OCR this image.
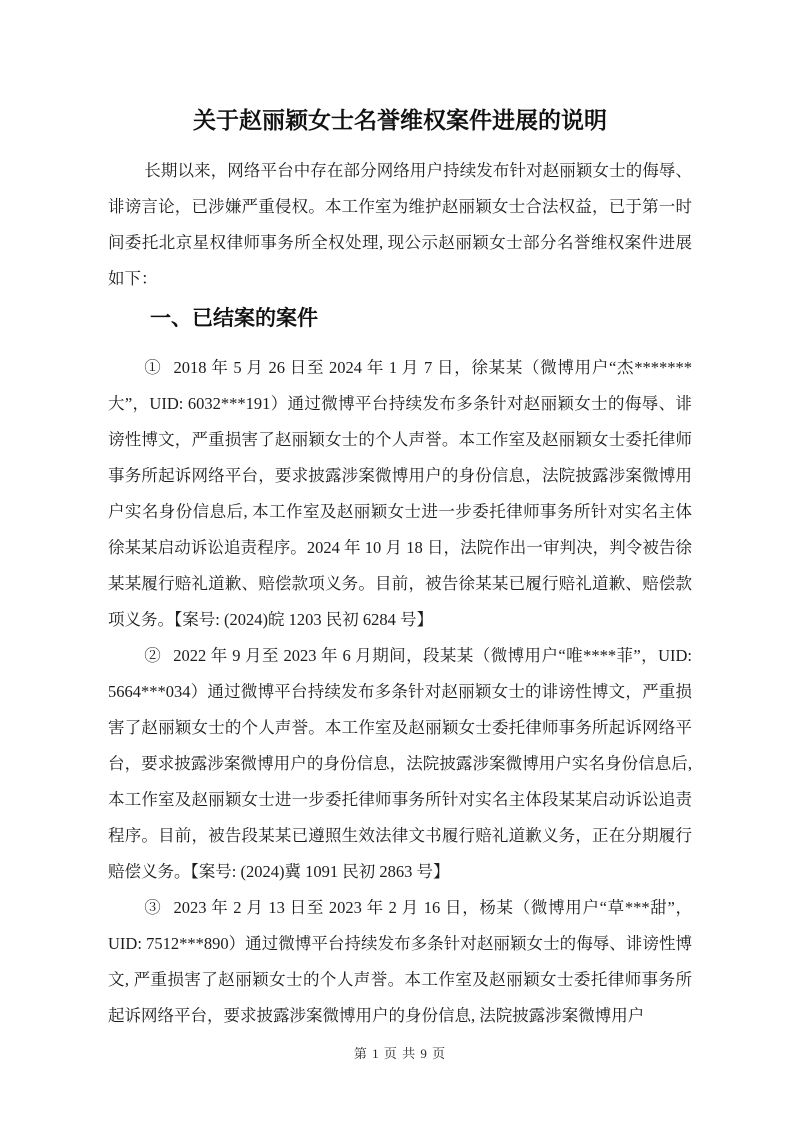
关于赵丽颖女士名誉维权案件进展的说明

长期以来，网络平台中存在部分网络用户持续发布针对赵丽颖女士的侮辱、诽谤言论，已涉嫌严重侵权。本工作室为维护赵丽颖女士合法权益，已于第一时间委托北京星权律师事务所全权处理, 现公示赵丽颖女士部分名誉维权案件进展如下：

一、已结案的案件

① 2018 年 5 月 26 日至 2024 年 1 月 7 日，徐某某（微博用户“杰*******大”，UID: 6032***191）通过微博平台持续发布多条针对赵丽颖女士的侮辱、诽谤性博文，严重损害了赵丽颖女士的个人声誉。本工作室及赵丽颖女士委托律师事务所起诉网络平台，要求披露涉案微博用户的身份信息，法院披露涉案微博用户实名身份信息后, 本工作室及赵丽颖女士进一步委托律师事务所针对实名主体徐某某启动诉讼追责程序。2024 年 10 月 18 日，法院作出一审判决，判令被告徐某某履行赔礼道歉、赔偿款项义务。目前，被告徐某某已履行赔礼道歉、赔偿款项义务。【案号: (2024)皖 1203 民初 6284 号】

② 2022 年 9 月至 2023 年 6 月期间，段某某（微博用户“唯****菲”，UID: 5664***034）通过微博平台持续发布多条针对赵丽颖女士的诽谤性博文，严重损害了赵丽颖女士的个人声誉。本工作室及赵丽颖女士委托律师事务所起诉网络平台，要求披露涉案微博用户的身份信息，法院披露涉案微博用户实名身份信息后, 本工作室及赵丽颖女士进一步委托律师事务所针对实名主体段某某启动诉讼追责程序。目前，被告段某某已遵照生效法律文书履行赔礼道歉义务，正在分期履行赔偿义务。【案号: (2024)冀 1091 民初 2863 号】

③ 2023 年 2 月 13 日至 2023 年 2 月 16 日，杨某（微博用户“草***甜”，UID: 7512***890）通过微博平台持续发布多条针对赵丽颖女士的侮辱、诽谤性博文, 严重损害了赵丽颖女士的个人声誉。本工作室及赵丽颖女士委托律师事务所起诉网络平台，要求披露涉案微博用户的身份信息, 法院披露涉案微博用户

第 1 页 共 9 页
